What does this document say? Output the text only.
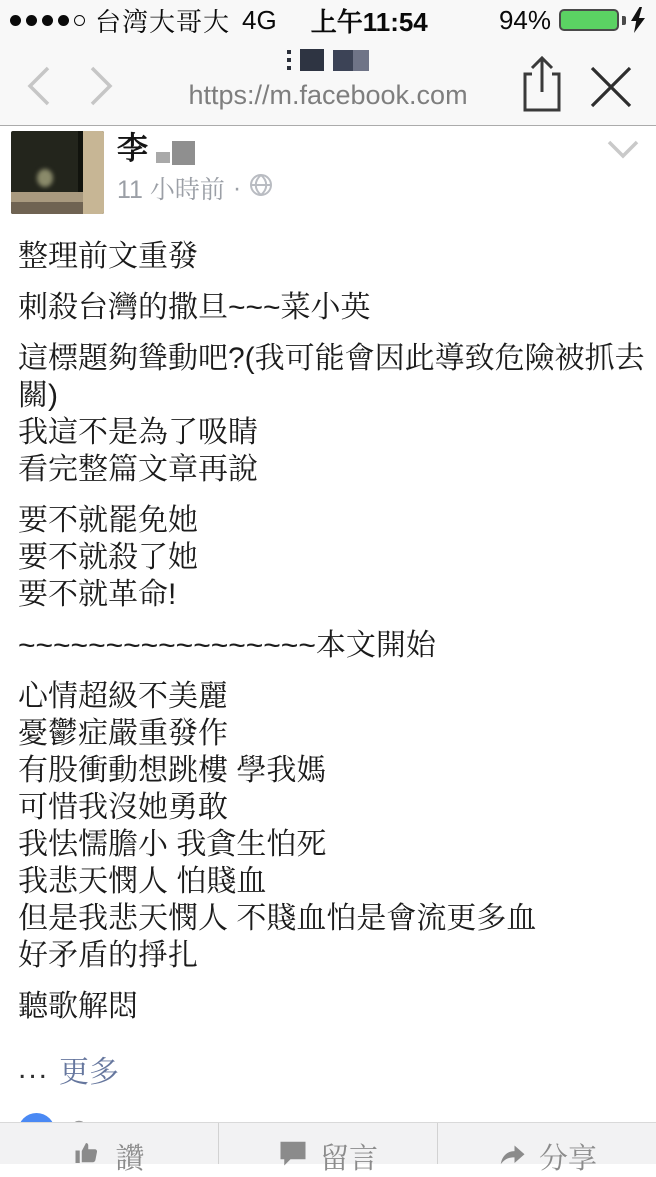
台湾大哥大 4G 上午11:54	94%
https://m.facebook.com
李
11 小時前 ·
整理前文重發
刺殺台灣的撒旦~~~菜小英
這標題夠聳動吧?(我可能會因此導致危險被抓去關)
我這不是為了吸睛
看完整篇文章再說
要不就罷免她
要不就殺了她
要不就革命!
~~~~~~~~~~~~~~~~~本文開始
心情超級不美麗
憂鬱症嚴重發作
有股衝動想跳樓 學我媽
可惜我沒她勇敢
我怯懦膽小 我貪生怕死
我悲天憫人 怕賤血
但是我悲天憫人 不賤血怕是會流更多血
好矛盾的掙扎
聽歌解悶
... 更多
讚	留言	分享
